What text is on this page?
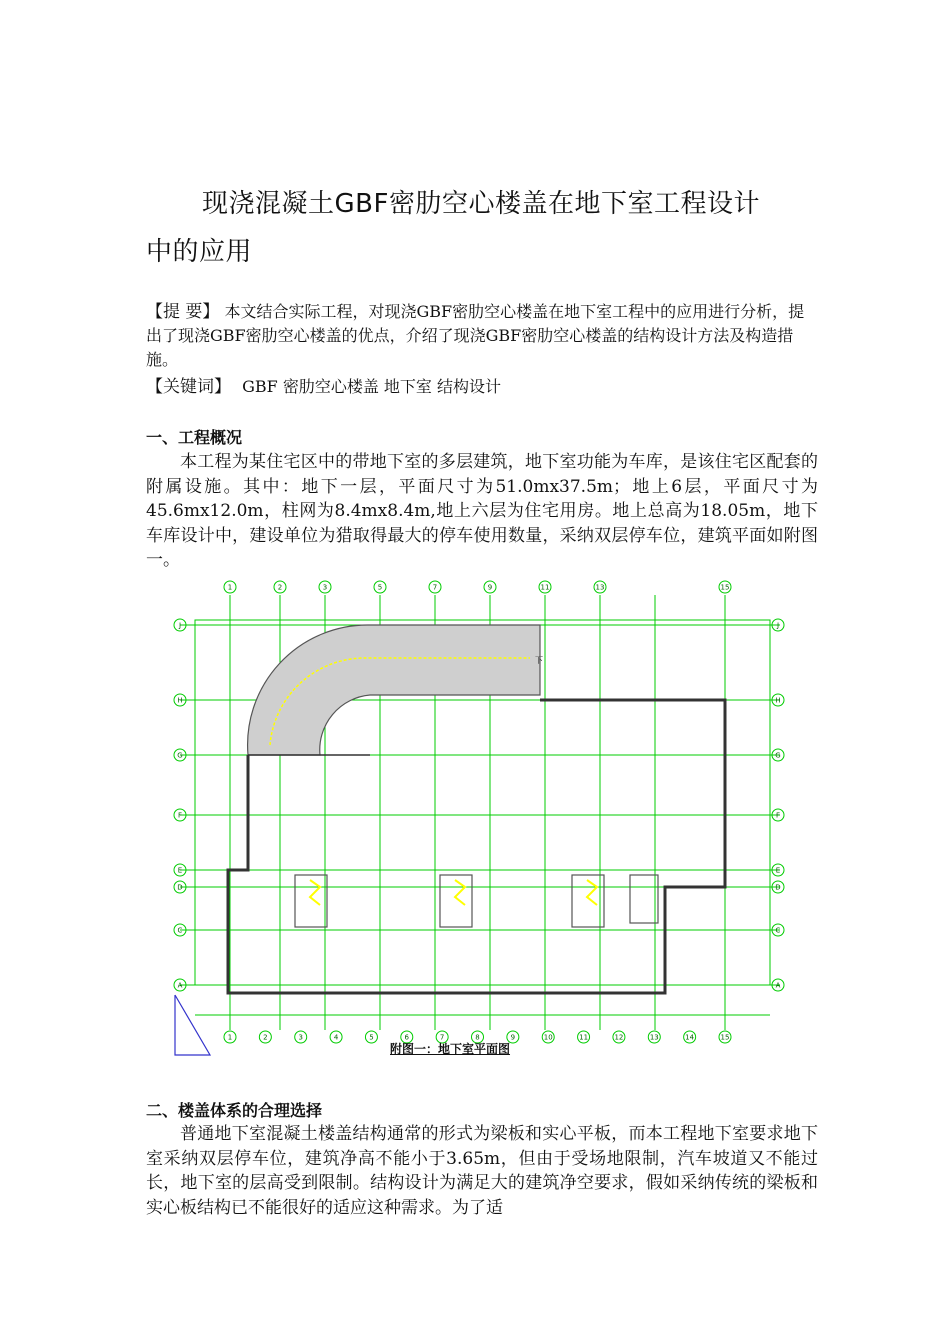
现浇混凝土GBF密肋空心楼盖在地下室工程设计
中的应用
【提 要】 本文结合实际工程，对现浇GBF密肋空心楼盖在地下室工程中的应用进行分析，提出了现浇GBF密肋空心楼盖的优点，介绍了现浇GBF密肋空心楼盖的结构设计方法及构造措施。
【关键词】 GBF 密肋空心楼盖 地下室 结构设计
一、工程概况
本工程为某住宅区中的带地下室的多层建筑，地下室功能为车库，是该住宅区配套的附属设施。其中：地下一层，平面尺寸为51.0mx37.5m；地上6层，平面尺寸为45.6mx12.0m，柱网为8.4mx8.4m,地上六层为住宅用房。地上总高为18.05m，地下车库设计中，建设单位为猎取得最大的停车使用数量，采纳双层停车位，建筑平面如附图一。
下
1	2	3	5	7	9	11	13	15
1	2	3	4	5	6	7	8	9	10	11	12	13	14	15
J	J
H	H
G	G
F	F
E	E
D	D
C	C
A	A
附图一：地下室平面图
二、楼盖体系的合理选择
普通地下室混凝土楼盖结构通常的形式为梁板和实心平板，而本工程地下室要求地下室采纳双层停车位，建筑净高不能小于3.65m，但由于受场地限制，汽车坡道又不能过长，地下室的层高受到限制。结构设计为满足大的建筑净空要求，假如采纳传统的梁板和实心板结构已不能很好的适应这种需求。为了适
